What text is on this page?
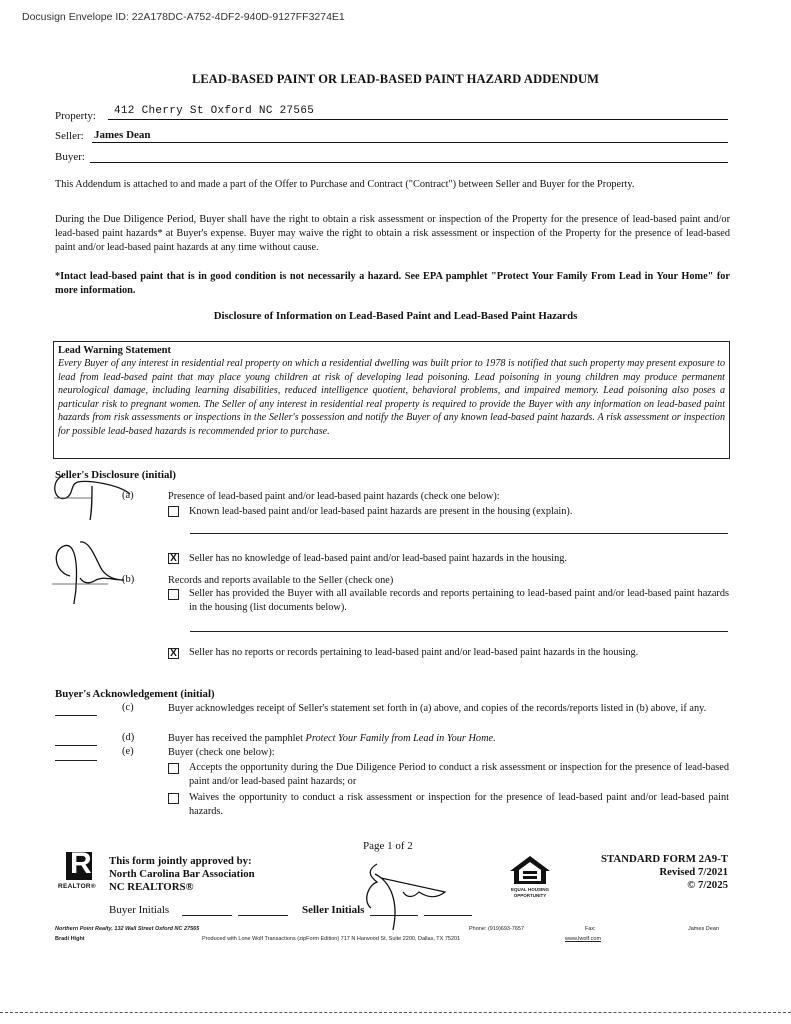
Docusign Envelope ID: 22A178DC-A752-4DF2-940D-9127FF3274E1
LEAD-BASED PAINT OR LEAD-BASED PAINT HAZARD ADDENDUM
Property: 412 Cherry St Oxford NC 27565
Seller: James Dean
Buyer:
This Addendum is attached to and made a part of the Offer to Purchase and Contract ("Contract") between Seller and Buyer for the Property.
During the Due Diligence Period, Buyer shall have the right to obtain a risk assessment or inspection of the Property for the presence of lead-based paint and/or lead-based paint hazards* at Buyer's expense. Buyer may waive the right to obtain a risk assessment or inspection of the Property for the presence of lead-based paint and/or lead-based paint hazards at any time without cause.
*Intact lead-based paint that is in good condition is not necessarily a hazard. See EPA pamphlet "Protect Your Family From Lead in Your Home" for more information.
Disclosure of Information on Lead-Based Paint and Lead-Based Paint Hazards
Lead Warning Statement
Every Buyer of any interest in residential real property on which a residential dwelling was built prior to 1978 is notified that such property may present exposure to lead from lead-based paint that may place young children at risk of developing lead poisoning. Lead poisoning in young children may produce permanent neurological damage, including learning disabilities, reduced intelligence quotient, behavioral problems, and impaired memory. Lead poisoning also poses a particular risk to pregnant women. The Seller of any interest in residential real property is required to provide the Buyer with any information on lead-based paint hazards from risk assessments or inspections in the Seller's possession and notify the Buyer of any known lead-based paint hazards. A risk assessment or inspection for possible lead-based hazards is recommended prior to purchase.
Seller's Disclosure (initial)
(a)	Presence of lead-based paint and/or lead-based paint hazards (check one below):
Known lead-based paint and/or lead-based paint hazards are present in the housing (explain).
X Seller has no knowledge of lead-based paint and/or lead-based paint hazards in the housing.
(b)	Records and reports available to the Seller (check one)
Seller has provided the Buyer with all available records and reports pertaining to lead-based paint and/or lead-based paint hazards in the housing (list documents below).
X Seller has no reports or records pertaining to lead-based paint and/or lead-based paint hazards in the housing.
Buyer's Acknowledgement (initial)
(c)	Buyer acknowledges receipt of Seller's statement set forth in (a) above, and copies of the records/reports listed in (b) above, if any.
(d)	Buyer has received the pamphlet Protect Your Family from Lead in Your Home.
(e)	Buyer (check one below):
Accepts the opportunity during the Due Diligence Period to conduct a risk assessment or inspection for the presence of lead-based paint and/or lead-based paint hazards; or
Waives the opportunity to conduct a risk assessment or inspection for the presence of lead-based paint and/or lead-based paint hazards.
Page 1 of 2
R
REALTOR®
This form jointly approved by:
North Carolina Bar Association
NC REALTORS®
Buyer Initials	Seller Initials
EQUAL HOUSING OPPORTUNITY
STANDARD FORM 2A9-T
Revised 7/2021
© 7/2025
Northern Point Realty, 132 Wall Street Oxford NC 27565
Bradi Hight	Produced with Lone Wolf Transactions (zipForm Edition) 717 N Harwood St, Suite 2200, Dallas, TX 75201
Phone: (919)693-7657	Fax:
www.lwolf.com
James Dean
